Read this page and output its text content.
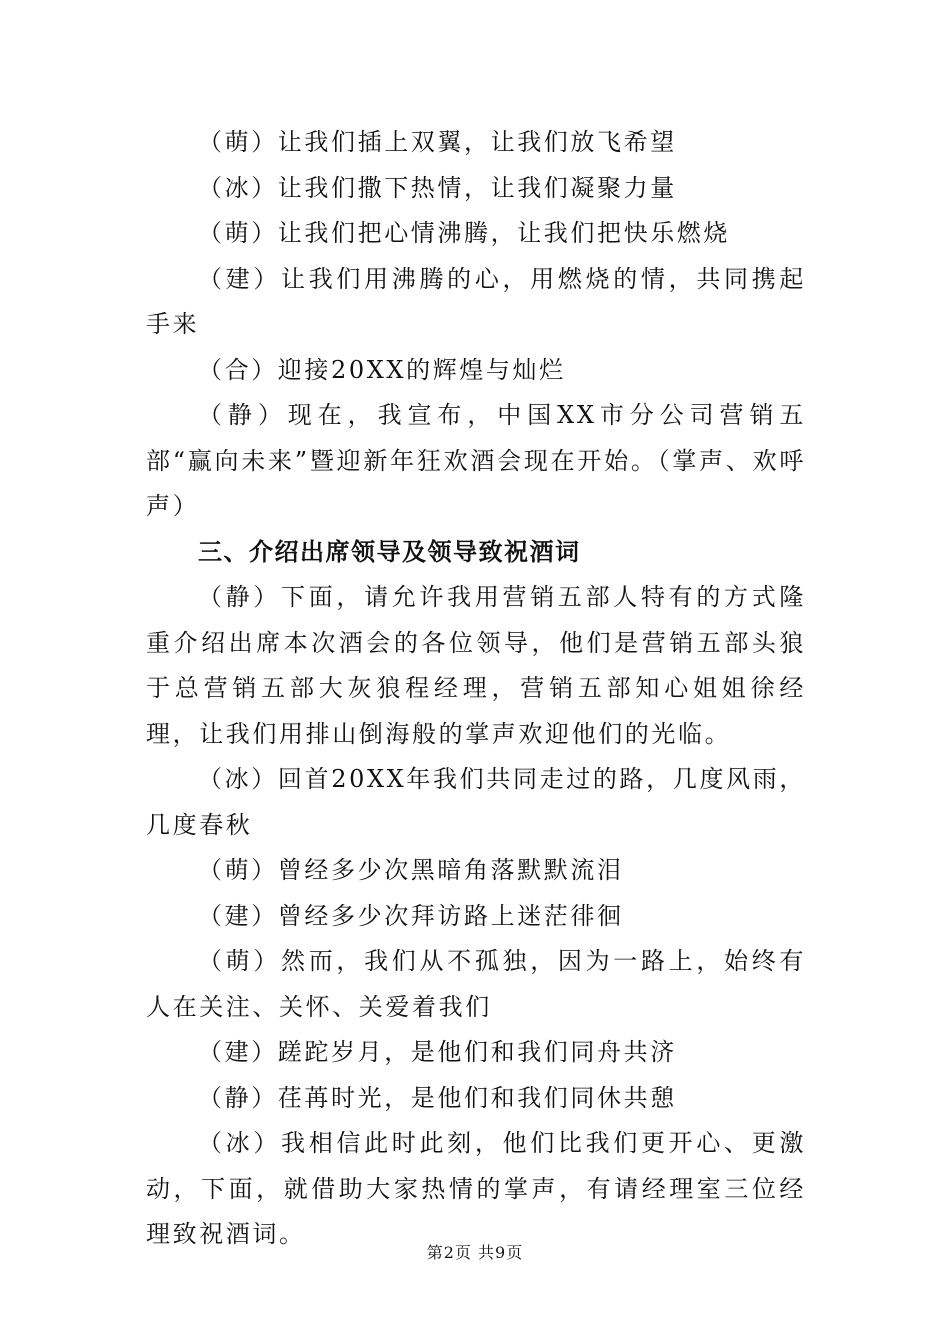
（萌）让我们插上双翼，让我们放飞希望

（冰）让我们撒下热情，让我们凝聚力量

（萌）让我们把心情沸腾，让我们把快乐燃烧

（建）让我们用沸腾的心，用燃烧的情，共同携起手来

（合）迎接20XX的辉煌与灿烂

（静）现在，我宣布，中国XX市分公司营销五部“赢向未来”暨迎新年狂欢酒会现在开始。（掌声、欢呼声）

三、介绍出席领导及领导致祝酒词

（静）下面，请允许我用营销五部人特有的方式隆重介绍出席本次酒会的各位领导，他们是营销五部头狼于总营销五部大灰狼程经理，营销五部知心姐姐徐经理，让我们用排山倒海般的掌声欢迎他们的光临。

（冰）回首20XX年我们共同走过的路，几度风雨，几度春秋

（萌）曾经多少次黑暗角落默默流泪

（建）曾经多少次拜访路上迷茫徘徊

（萌）然而，我们从不孤独，因为一路上，始终有人在关注、关怀、关爱着我们

（建）蹉跎岁月，是他们和我们同舟共济

（静）荏苒时光，是他们和我们同休共憩

（冰）我相信此时此刻，他们比我们更开心、更激动，下面，就借助大家热情的掌声，有请经理室三位经理致祝酒词。

第2页 共9页
